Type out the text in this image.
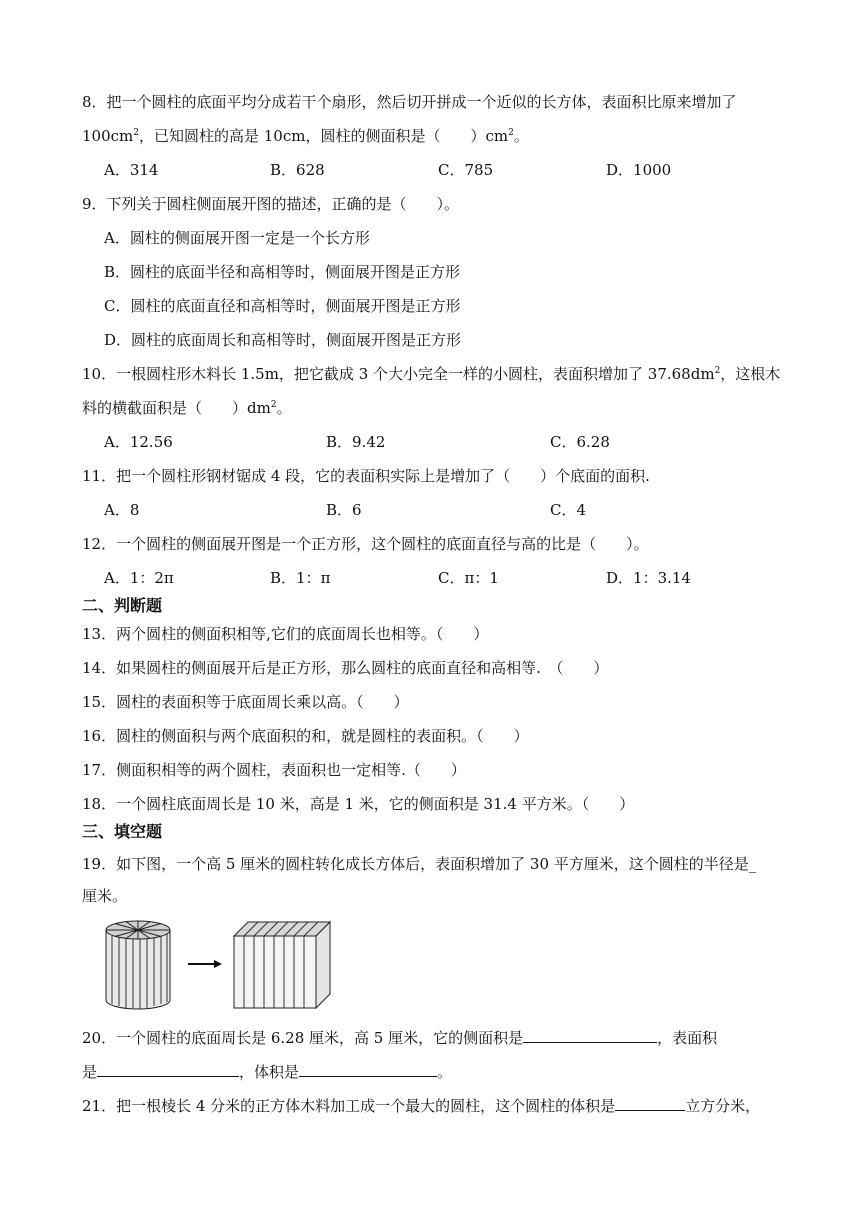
8．把一个圆柱的底面平均分成若干个扇形，然后切开拼成一个近似的长方体，表面积比原来增加了
$100cm^2$，已知圆柱的高是 10cm，圆柱的侧面积是（　　）$cm^2$。
A．314	B．628	C．785	D．1000
9．下列关于圆柱侧面展开图的描述，正确的是（　　）。
A．圆柱的侧面展开图一定是一个长方形
B．圆柱的底面半径和高相等时，侧面展开图是正方形
C．圆柱的底面直径和高相等时，侧面展开图是正方形
D．圆柱的底面周长和高相等时，侧面展开图是正方形
10．一根圆柱形木料长 1.5m，把它截成 3 个大小完全一样的小圆柱，表面积增加了 $37.68dm^2$，这根木
料的横截面积是（　　）$dm^2$。
A．12.56	B．9.42	C．6.28
11．把一个圆柱形钢材锯成 4 段，它的表面积实际上是增加了（　　）个底面的面积.
A．8	B．6	C．4
12．一个圆柱的侧面展开图是一个正方形，这个圆柱的底面直径与高的比是（　　）。
A．1：2π	B．1：π	C．π：1	D．1：3.14
二、判断题
13．两个圆柱的侧面积相等,它们的底面周长也相等。（　　）
14．如果圆柱的侧面展开后是正方形，那么圆柱的底面直径和高相等.　（　　）
15．圆柱的表面积等于底面周长乘以高。（　　）
16．圆柱的侧面积与两个底面积的和，就是圆柱的表面积。（　　）
17．侧面积相等的两个圆柱，表面积也一定相等.（　　）
18．一个圆柱底面周长是 10 米，高是 1 米，它的侧面积是 31.4 平方米。（　　）
三、填空题
19．如下图，一个高 5 厘米的圆柱转化成长方体后，表面积增加了 30 平方厘米，这个圆柱的半径是_
厘米。
20．一个圆柱的底面周长是 6.28 厘米，高 5 厘米，它的侧面积是	，表面积
是	，体积是	。
21．把一根棱长 4 分米的正方体木料加工成一个最大的圆柱，这个圆柱的体积是	立方分米，
